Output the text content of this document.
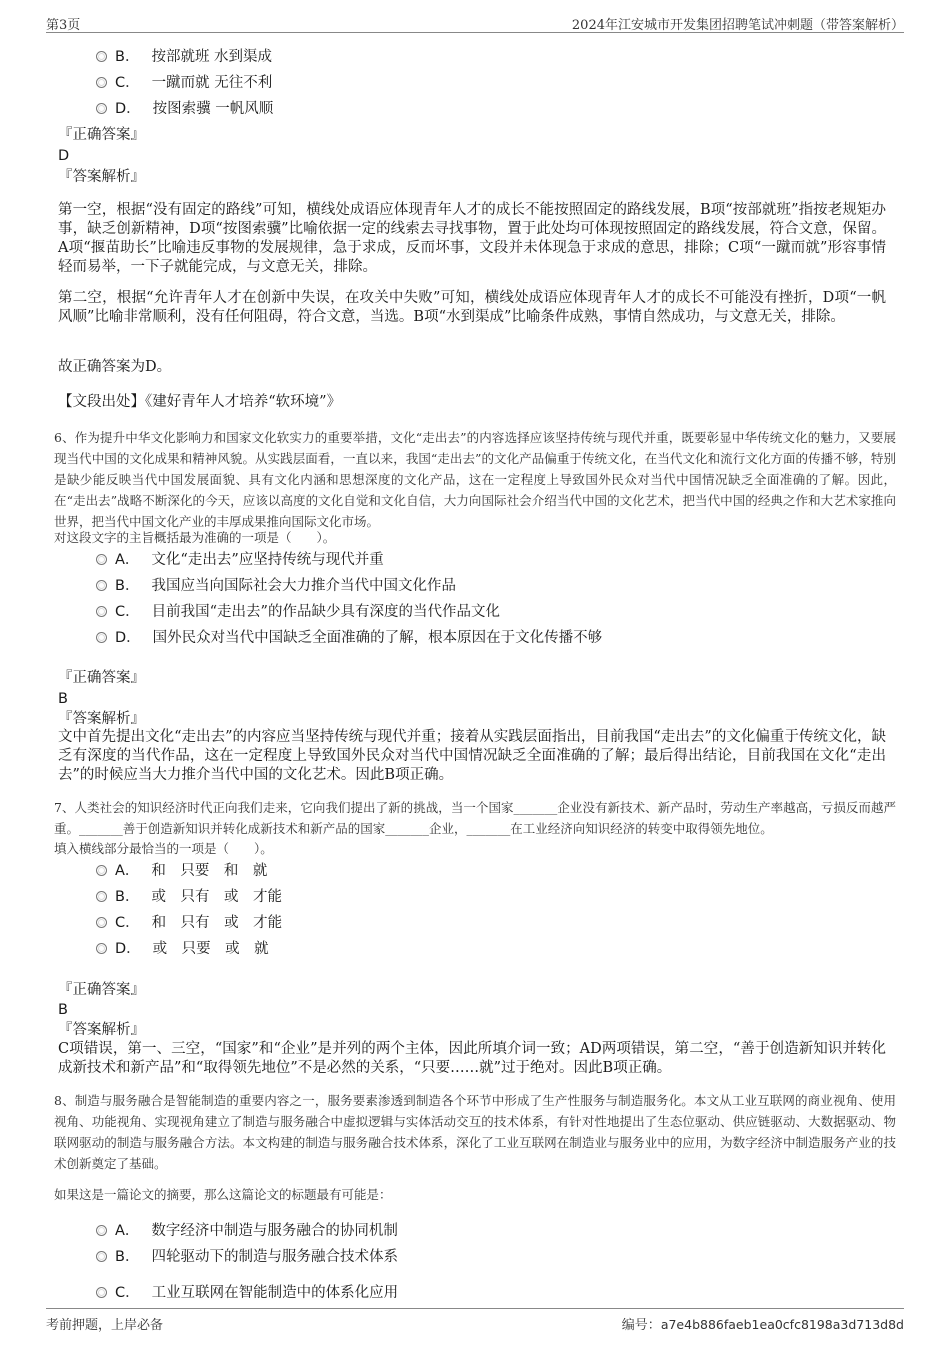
第3页	2024年江安城市开发集团招聘笔试冲刺题（带答案解析）
B． 按部就班 水到渠成
C． 一蹴而就 无往不利
D． 按图索骥 一帆风顺
『正确答案』
D
『答案解析』
第一空，根据“没有固定的路线”可知，横线处成语应体现青年人才的成长不能按照固定的路线发展，B项“按部就班”指按老规矩办事，缺乏创新精神，D项“按图索骥”比喻依据一定的线索去寻找事物，置于此处均可体现按照固定的路线发展，符合文意，保留。A项“揠苗助长”比喻违反事物的发展规律，急于求成，反而坏事，文段并未体现急于求成的意思，排除；C项“一蹴而就”形容事情轻而易举，一下子就能完成，与文意无关，排除。
第二空，根据“允许青年人才在创新中失误，在攻关中失败”可知，横线处成语应体现青年人才的成长不可能没有挫折，D项“一帆风顺”比喻非常顺利，没有任何阻碍，符合文意，当选。B项“水到渠成”比喻条件成熟，事情自然成功，与文意无关，排除。
故正确答案为D。
【文段出处】《建好青年人才培养“软环境”》
6、作为提升中华文化影响力和国家文化软实力的重要举措，文化“走出去”的内容选择应该坚持传统与现代并重，既要彰显中华传统文化的魅力，又要展现当代中国的文化成果和精神风貌。从实践层面看，一直以来，我国“走出去”的文化产品偏重于传统文化，在当代文化和流行文化方面的传播不够，特别是缺少能反映当代中国发展面貌、具有文化内涵和思想深度的文化产品，这在一定程度上导致国外民众对当代中国情况缺乏全面准确的了解。因此，在“走出去”战略不断深化的今天，应该以高度的文化自觉和文化自信，大力向国际社会介绍当代中国的文化艺术，把当代中国的经典之作和大艺术家推向世界，把当代中国文化产业的丰厚成果推向国际文化市场。
对这段文字的主旨概括最为准确的一项是（　　）。
A． 文化“走出去”应坚持传统与现代并重
B． 我国应当向国际社会大力推介当代中国文化作品
C． 目前我国“走出去”的作品缺少具有深度的当代作品文化
D． 国外民众对当代中国缺乏全面准确的了解，根本原因在于文化传播不够
『正确答案』
B
『答案解析』
文中首先提出文化“走出去”的内容应当坚持传统与现代并重；接着从实践层面指出，目前我国“走出去”的文化偏重于传统文化，缺乏有深度的当代作品，这在一定程度上导致国外民众对当代中国情况缺乏全面准确的了解；最后得出结论，目前我国在文化“走出去”的时候应当大力推介当代中国的文化艺术。因此B项正确。
7、人类社会的知识经济时代正向我们走来，它向我们提出了新的挑战，当一个国家_______企业没有新技术、新产品时，劳动生产率越高，亏损反而越严重。_______善于创造新知识并转化成新技术和新产品的国家_______企业，_______在工业经济向知识经济的转变中取得领先地位。
填入横线部分最恰当的一项是（　　）。
A． 和　只要　和　就
B． 或　只有　或　才能
C． 和　只有　或　才能
D． 或　只要　或　就
『正确答案』
B
『答案解析』
C项错误，第一、三空，“国家”和“企业”是并列的两个主体，因此所填介词一致；AD两项错误，第二空，“善于创造新知识并转化成新技术和新产品”和“取得领先地位”不是必然的关系，“只要……就”过于绝对。因此B项正确。
8、制造与服务融合是智能制造的重要内容之一，服务要素渗透到制造各个环节中形成了生产性服务与制造服务化。本文从工业互联网的商业视角、使用视角、功能视角、实现视角建立了制造与服务融合中虚拟逻辑与实体活动交互的技术体系，有针对性地提出了生态位驱动、供应链驱动、大数据驱动、物联网驱动的制造与服务融合方法。本文构建的制造与服务融合技术体系，深化了工业互联网在制造业与服务业中的应用，为数字经济中制造服务产业的技术创新奠定了基础。
如果这是一篇论文的摘要，那么这篇论文的标题最有可能是：
A． 数字经济中制造与服务融合的协同机制
B． 四轮驱动下的制造与服务融合技术体系
C． 工业互联网在智能制造中的体系化应用
考前押题，上岸必备	编号：a7e4b886faeb1ea0cfc8198a3d713d8d
